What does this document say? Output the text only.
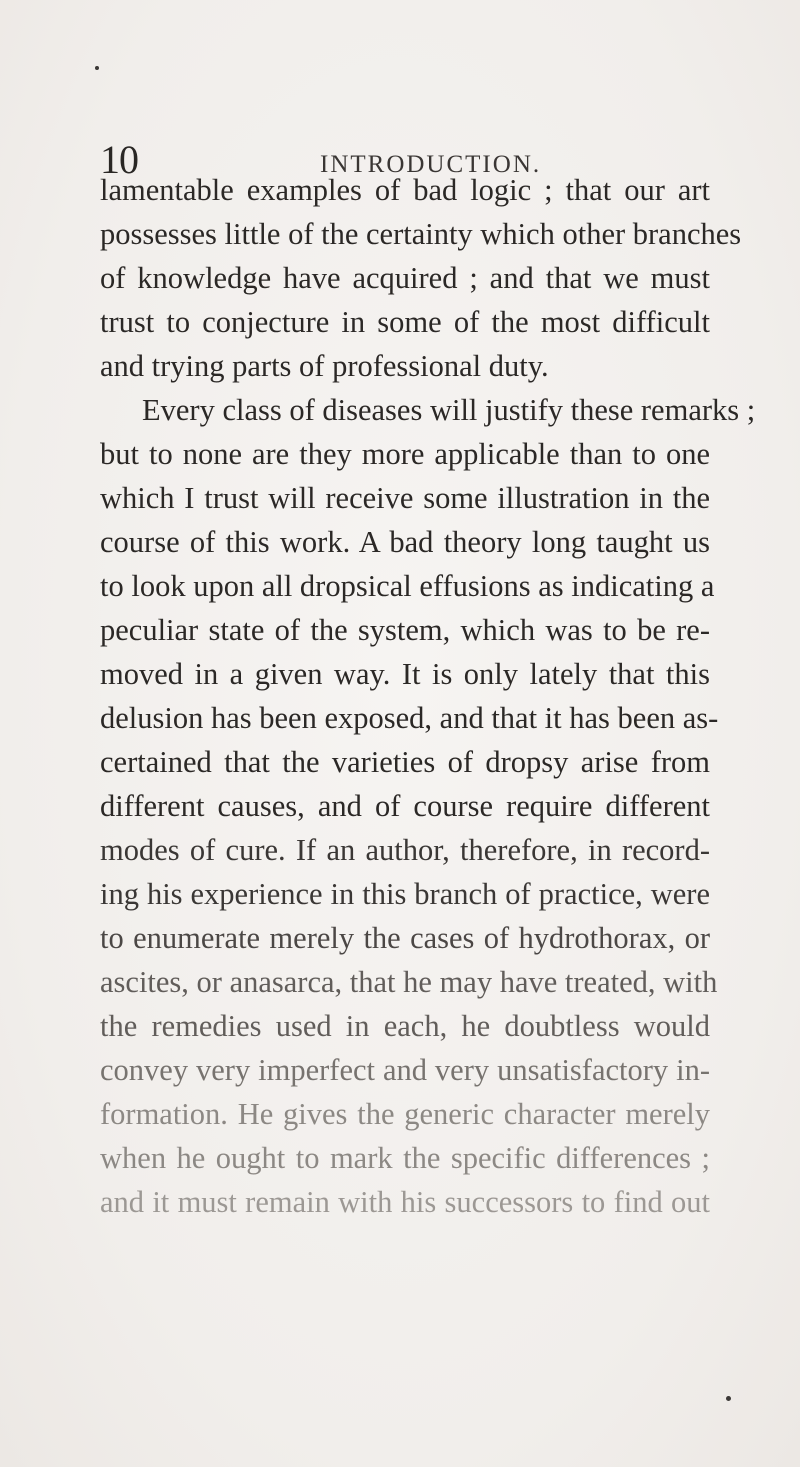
10	INTRODUCTION.
lamentable examples of bad logic ; that our art
possesses little of the certainty which other branches
of knowledge have acquired ; and that we must
trust to conjecture in some of the most difficult
and trying parts of professional duty.
Every class of diseases will justify these remarks ;
but to none are they more applicable than to one
which I trust will receive some illustration in the
course of this work. A bad theory long taught us
to look upon all dropsical effusions as indicating a
peculiar state of the system, which was to be re-
moved in a given way. It is only lately that this
delusion has been exposed, and that it has been as-
certained that the varieties of dropsy arise from
different causes, and of course require different
modes of cure. If an author, therefore, in record-
ing his experience in this branch of practice, were
to enumerate merely the cases of hydrothorax, or
ascites, or anasarca, that he may have treated, with
the remedies used in each, he doubtless would
convey very imperfect and very unsatisfactory in-
formation. He gives the generic character merely
when he ought to mark the specific differences ;
and it must remain with his successors to find out
